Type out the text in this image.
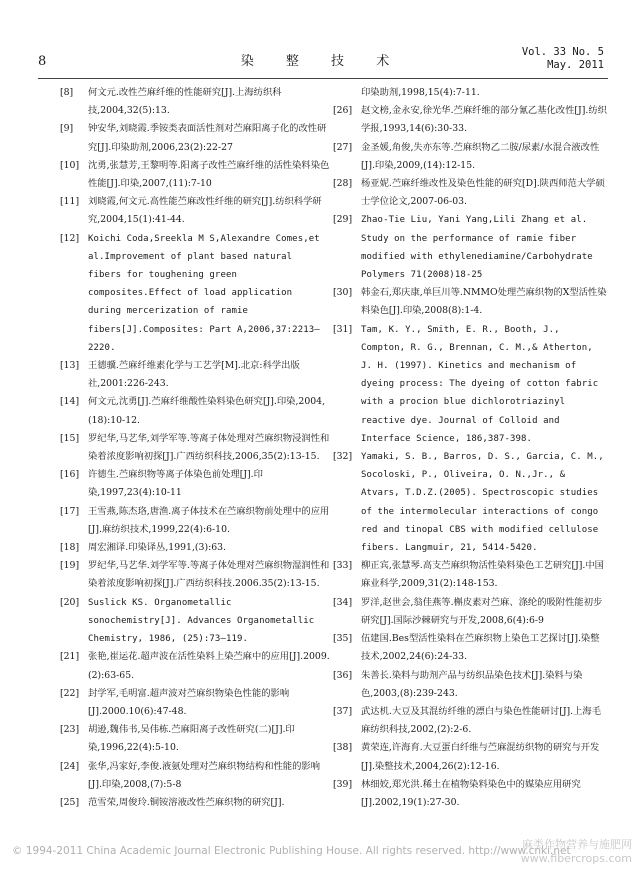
8	染 整 技 术
Vol. 33 No. 5
May. 2011
[8] 何文元.改性苎麻纤维的性能研究[J].上海纺织科技,2004,32(5):13.
[9] 钟安华,刘晓霞.季铵类表面活性剂对苎麻阳离子化的改性研究[J].印染助剂,2006,23(2):22-27
[10] 沈勇,张慧芳,王黎明等.阳离子改性苎麻纤维的活性染料染色性能[J].印染,2007,(11):7-10
[11] 刘晓霞,何文元.高性能苎麻改性纤维的研究[J].纺织科学研究,2004,15(1):41-44.
[12] Koichi Coda,Sreekla M S,Alexandre Comes,et al.Improvement of plant based natural fibers for toughening green composites.Effect of load application during mercerization of ramie fibers[J].Composites: Part A,2006,37:2213—2220.
[13] 王德骥.苎麻纤维素化学与工艺学[M].北京:科学出版社,2001:226-243.
[14] 何文元,沈勇[J].苎麻纤维酸性染料染色研究[J].印染,2004,(18):10-12.
[15] 罗纪华,马艺华,刘学军等.等离子体处理对苎麻织物浸润性和染着浓度影响初探[J].广西纺织科技,2006,35(2):13-15.
[16] 许德生.苎麻织物等离子体染色前处理[J].印染,1997,23(4):10-11
[17] 王雪燕,陈杰珞,唐渔.离子体技术在苎麻织物前处理中的应用[J].麻纺织技术,1999,22(4):6-10.
[18] 周宏湘译.印染译丛,1991,(3):63.
[19] 罗纪华,马艺华.刘学军等.等离子体处理对苎麻织物湿润性和染着浓度影响初探[J].广西纺织科技.2006.35(2):13-15.
[20] Suslick KS. Organometallic sonochemistry[J]. Advances Organometallic Chemistry, 1986, (25):73—119.
[21] 张艳,崔运花.超声波在活性染料上染苎麻中的应用[J].2009.(2):63-65.
[22] 封学军,毛明富.超声波对苎麻织物染色性能的影响[J].2000.10(6):47-48.
[23] 胡逊,魏伟书,吴伟栋.苎麻阳离子改性研究(二)[J].印染,1996,22(4):5-10.
[24] 张华,冯家好,李俊.液氨处理对苎麻织物结构和性能的影响[J].印染,2008,(7):5-8
[25] 范雪荣,周俊玲.铜铵溶液改性苎麻织物的研究[J].
印染助剂,1998,15(4):7-11.
[26] 赵文榜,金永安,徐光华.苎麻纤维的部分氰乙基化改性[J].纺织学报,1993,14(6):30-33.
[27] 金圣媛,角俊,失亦东等.苎麻织物乙二胺/尿素/水混合液改性[J].印染,2009,(14):12-15.
[28] 杨亚妮.苎麻纤维改性及染色性能的研究[D].陕西师范大学硕士学位论文,2007-06-03.
[29] Zhao-Tie Liu, Yani Yang,Lili Zhang et al. Study on the performance of ramie fiber modified with ethylenediamine/Carbohydrate Polymers 71(2008)18-25
[30] 韩金石,郑庆康,单巨川等.NMMO处理苎麻织物的X型活性染料染色[J].印染,2008(8):1-4.
[31] Tam, K. Y., Smith, E. R., Booth, J., Compton, R. G., Brennan, C. M.,& Atherton, J. H. (1997). Kinetics and mechanism of dyeing process: The dyeing of cotton fabric with a procion blue dichlorotriazinyl reactive dye. Journal of Colloid and Interface Science, 186,387-398.
[32] Yamaki, S. B., Barros, D. S., Garcia, C. M., Socoloski, P., Oliveira, O. N.,Jr., & Atvars, T.D.Z.(2005). Spectroscopic studies of the intermolecular interactions of congo red and tinopal CBS with modified cellulose fibers. Langmuir, 21, 5414-5420.
[33] 柳正宾,张慧琴.高支苎麻织物活性染料染色工艺研究[J].中国麻业科学,2009,31(2):148-153.
[34] 罗洋,赵世会,翁佳燕等.槲皮素对苎麻、涤纶的吸附性能初步研究[J].国际沙棘研究与开发,2008,6(4):6-9
[35] 伍建国.Bes型活性染料在苎麻织物上染色工艺探讨[J].染整技术,2002,24(6):24-33.
[36] 朱善长.染料与助剂产品与纺织品染色技术[J].染料与染色,2003,(8):239-243.
[37] 武达机.大豆及其混纺纤维的漂白与染色性能研讨[J].上海毛麻纺织科技,2002,(2):2-6.
[38] 黄荣连,许海育.大豆蛋白纤维与苎麻混纺织物的研究与开发[J].染整技术,2004,26(2):12-16.
[39] 林细姣,郑光洪.稀土在植物染料染色中的媒染应用研究[J].2002,19(1):27-30.
© 1994-2011 China Academic Journal Electronic Publishing House. All rights reserved. http://www.cnki.net
麻类作物营养与施肥网
www.fibercrops.com
